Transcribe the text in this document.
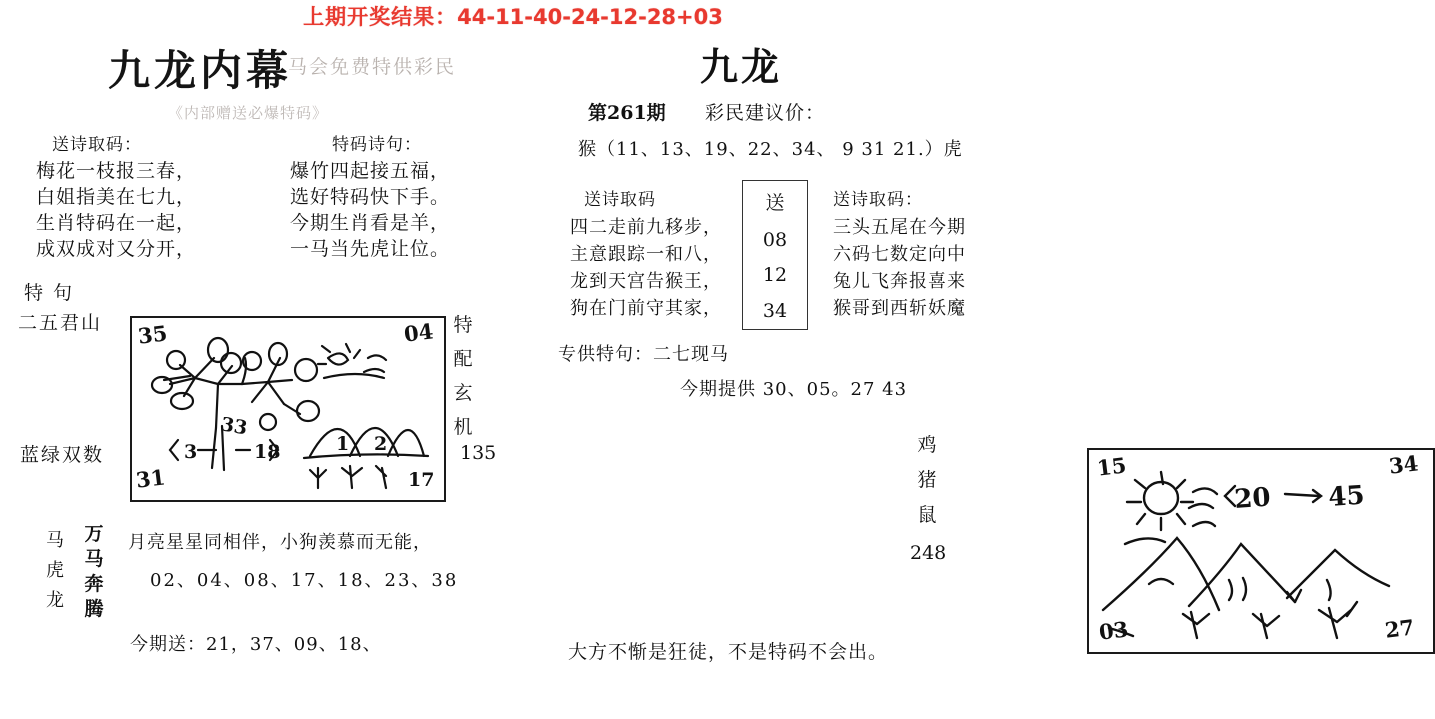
上期开奖结果：44-11-40-24-12-28+03
九龙内幕
马会免费特供彩民
《内部赠送必爆特码》
送诗取码：
梅花一枝报三春，
白姐指美在七九，
生肖特码在一起，
成双成对又分开，
特码诗句：
爆竹四起接五福，
选好特码快下手。
今期生肖看是羊，
一马当先虎让位。
特 句
二五君山
蓝绿双数
特配玄机
135
18
3
33
1 2
17
35	04
31
马
虎
龙
万
马
奔
腾
月亮星星同相伴，小狗羡慕而无能，
02、04、08、17、18、23、38
今期送：21，37、09、18、
九龙
第261期 彩民建议价：
猴（11、13、19、22、34、 9 31 21.）虎
送诗取码
四二走前九移步，
主意跟踪一和八，
龙到天宫告猴王，
狗在门前守其家，
送
08
12
34
送诗取码：
三头五尾在今期
六码七数定向中
兔儿飞奔报喜来
猴哥到西斩妖魔
专供特句：二七现马
今期提供 30、05。27 43
20 45
15	34
03	27
鸡
猪
鼠
248
大方不惭是狂徒，不是特码不会出。
